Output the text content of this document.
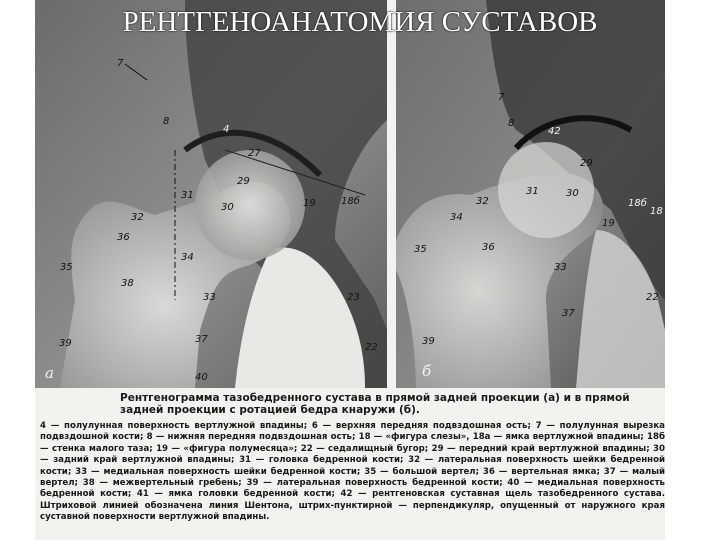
РЕНТГЕНОАНАТОМИЯ СУСТАВОВ
7
8
4
27
29
31
30
32
36
35
34
38
33
37
39
40
19	18б
23
22
а
7
8
42
29
31	30
32
34
36
19
18б
18
35
33
22
37
39
б

Рентгенограмма тазобедренного сустава в прямой задней проекции (а) и в прямой задней проекции с ротацией бедра кнаружи (б).

4 — полулунная поверхность вертлужной впадины; 6 — верхняя передняя подвздошная ость; 7 — полулунная вырезка подвздошной кости; 8 — нижняя передняя подвздошная ость; 18 — «фигура слезы», 18а — ямка вертлужной впадины; 18б — стенка малого таза; 19 — «фигура полумесяца»; 22 — седалищный бугор; 29 — передний край вертлужной впадины; 30 — задний край вертлужной впадины; 31 — головка бедренной кости; 32 — латеральная поверхность шейки бедренной кости; 33 — медиальная поверхность шейки бедренной кости; 35 — большой вертел; 36 — вертельная ямка; 37 — малый вертел; 38 — межвертельный гребень; 39 — латеральная поверхность бедренной кости; 40 — медиальная поверхность бедренной кости; 41 — ямка головки бедренной кости; 42 — рентгеновская суставная щель тазобедренного сустава. Штриховой линией обозначена линия Шентона, штрих-пунктирной — перпендикуляр, опущенный от наружного края суставной поверхности вертлужной впадины.
